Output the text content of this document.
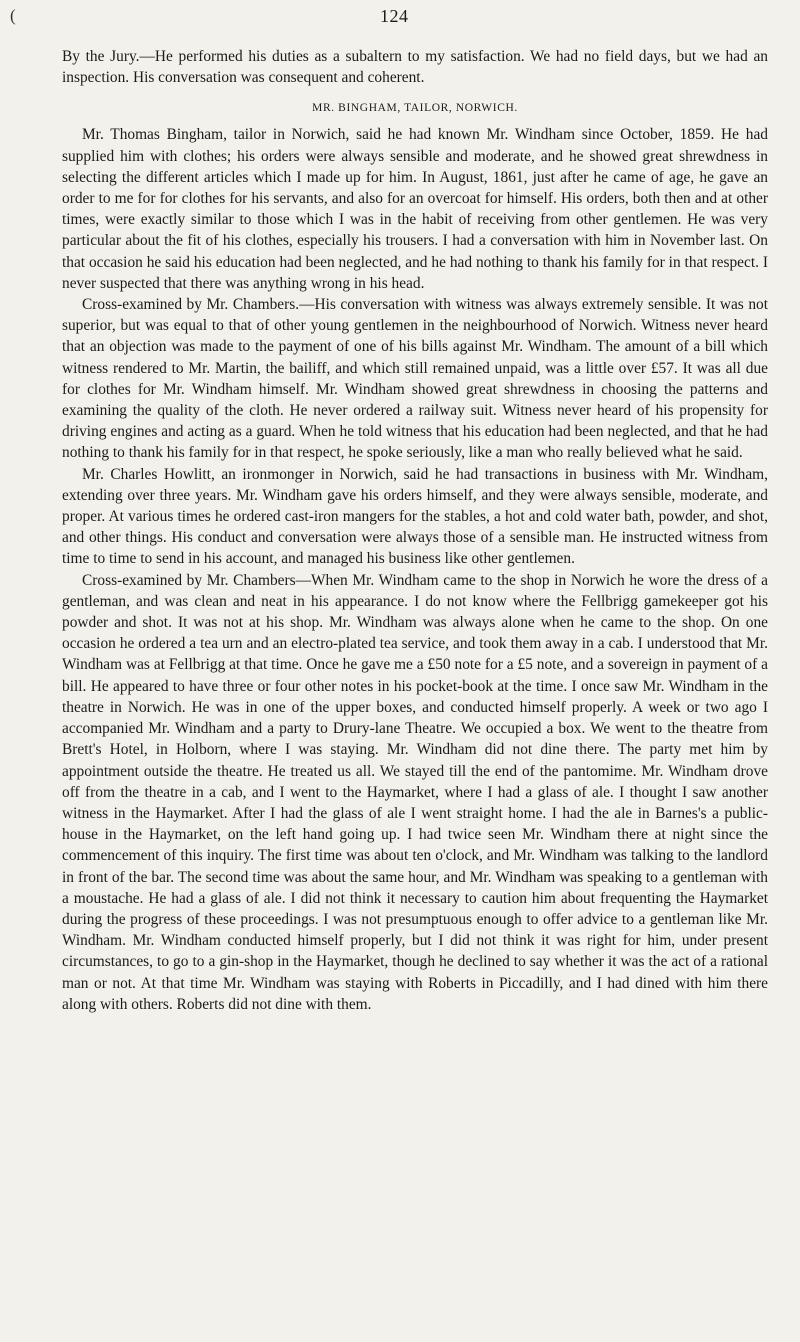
(	124

By the Jury.—He performed his duties as a subaltern to my satisfaction. We had no field days, but we had an inspection. His conversation was consequent and coherent.

MR. BINGHAM, TAILOR, NORWICH.

Mr. Thomas Bingham, tailor in Norwich, said he had known Mr. Windham since October, 1859. He had supplied him with clothes; his orders were always sensible and moderate, and he showed great shrewdness in selecting the different articles which I made up for him. In August, 1861, just after he came of age, he gave an order to me for for clothes for his servants, and also for an overcoat for himself. His orders, both then and at other times, were exactly similar to those which I was in the habit of receiving from other gentlemen. He was very particular about the fit of his clothes, especially his trousers. I had a conversation with him in November last. On that occasion he said his education had been neglected, and he had nothing to thank his family for in that respect. I never suspected that there was anything wrong in his head.

Cross-examined by Mr. Chambers.—His conversation with witness was always extremely sensible. It was not superior, but was equal to that of other young gentlemen in the neighbourhood of Norwich. Witness never heard that an objection was made to the payment of one of his bills against Mr. Windham. The amount of a bill which witness rendered to Mr. Martin, the bailiff, and which still remained unpaid, was a little over £57. It was all due for clothes for Mr. Windham himself. Mr. Windham showed great shrewdness in choosing the patterns and examining the quality of the cloth. He never ordered a railway suit. Witness never heard of his propensity for driving engines and acting as a guard. When he told witness that his education had been neglected, and that he had nothing to thank his family for in that respect, he spoke seriously, like a man who really believed what he said.

Mr. Charles Howlitt, an ironmonger in Norwich, said he had transactions in business with Mr. Windham, extending over three years. Mr. Windham gave his orders himself, and they were always sensible, moderate, and proper. At various times he ordered cast-iron mangers for the stables, a hot and cold water bath, powder, and shot, and other things. His conduct and conversation were always those of a sensible man. He instructed witness from time to time to send in his account, and managed his business like other gentlemen.

Cross-examined by Mr. Chambers—When Mr. Windham came to the shop in Norwich he wore the dress of a gentleman, and was clean and neat in his appearance. I do not know where the Fellbrigg gamekeeper got his powder and shot. It was not at his shop. Mr. Windham was always alone when he came to the shop. On one occasion he ordered a tea urn and an electro-plated tea service, and took them away in a cab. I understood that Mr. Windham was at Fellbrigg at that time. Once he gave me a £50 note for a £5 note, and a sovereign in payment of a bill. He appeared to have three or four other notes in his pocket-book at the time. I once saw Mr. Windham in the theatre in Norwich. He was in one of the upper boxes, and conducted himself properly. A week or two ago I accompanied Mr. Windham and a party to Drury-lane Theatre. We occupied a box. We went to the theatre from Brett's Hotel, in Holborn, where I was staying. Mr. Windham did not dine there. The party met him by appointment outside the theatre. He treated us all. We stayed till the end of the pantomime. Mr. Windham drove off from the theatre in a cab, and I went to the Haymarket, where I had a glass of ale. I thought I saw another witness in the Haymarket. After I had the glass of ale I went straight home. I had the ale in Barnes's a public-house in the Haymarket, on the left hand going up. I had twice seen Mr. Windham there at night since the commencement of this inquiry. The first time was about ten o'clock, and Mr. Windham was talking to the landlord in front of the bar. The second time was about the same hour, and Mr. Windham was speaking to a gentleman with a moustache. He had a glass of ale. I did not think it necessary to caution him about frequenting the Haymarket during the progress of these proceedings. I was not presumptuous enough to offer advice to a gentleman like Mr. Windham. Mr. Windham conducted himself properly, but I did not think it was right for him, under present circumstances, to go to a gin-shop in the Haymarket, though he declined to say whether it was the act of a rational man or not. At that time Mr. Windham was staying with Roberts in Piccadilly, and I had dined with him there along with others. Roberts did not dine with them.
